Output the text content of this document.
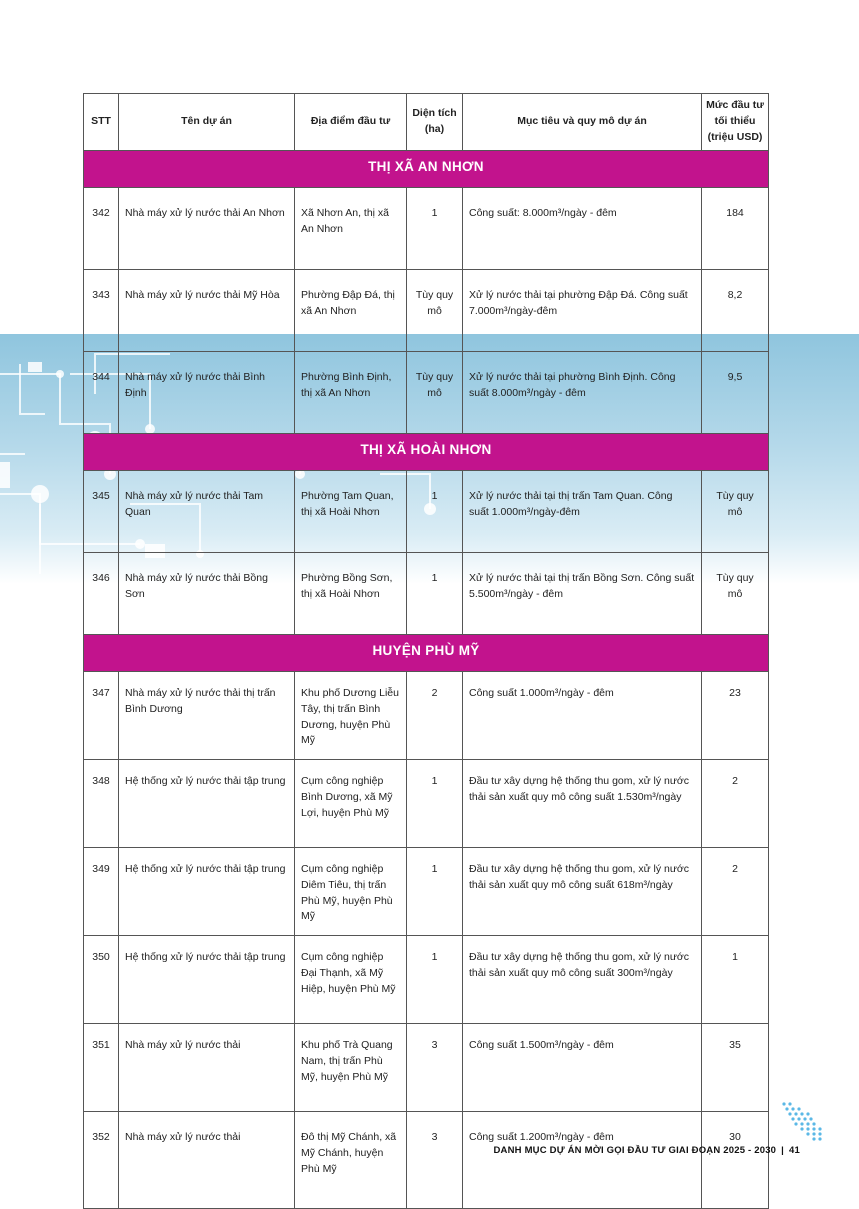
STT	Tên dự án	Địa điểm đầu tư	Diện tích (ha)	Mục tiêu và quy mô dự án	Mức đầu tư tối thiểu (triệu USD)
THỊ XÃ AN NHƠN					
342	Nhà máy xử lý nước thải An Nhơn	Xã Nhơn An, thị xã An Nhơn	1	Công suất: 8.000m³/ngày - đêm	184
343	Nhà máy xử lý nước thải Mỹ Hòa	Phường Đập Đá, thị xã An Nhơn	Tùy quy mô	Xử lý nước thải tại phường Đập Đá. Công suất 7.000m³/ngày-đêm	8,2
344	Nhà máy xử lý nước thải Bình Định	Phường Bình Định, thị xã An Nhơn	Tùy quy mô	Xử lý nước thải tại phường Bình Định. Công suất 8.000m³/ngày - đêm	9,5
THỊ XÃ HOÀI NHƠN					
345	Nhà máy xử lý nước thải Tam Quan	Phường Tam Quan, thị xã Hoài Nhơn	1	Xử lý nước thải tại thị trấn Tam Quan. Công suất 1.000m³/ngày-đêm	Tùy quy mô
346	Nhà máy xử lý nước thải Bồng Sơn	Phường Bồng Sơn, thị xã Hoài Nhơn	1	Xử lý nước thải tại thị trấn Bồng Sơn. Công suất 5.500m³/ngày - đêm	Tùy quy mô
HUYỆN PHÙ MỸ					
347	Nhà máy xử lý nước thải thị trấn Bình Dương	Khu phố Dương Liễu Tây, thị trấn Bình Dương, huyện Phù Mỹ	2	Công suất 1.000m³/ngày - đêm	23
348	Hệ thống xử lý nước thải tập trung	Cụm công nghiệp Bình Dương, xã Mỹ Lợi, huyện Phù Mỹ	1	Đầu tư xây dựng hệ thống thu gom, xử lý nước thải sản xuất quy mô công suất 1.530m³/ngày	2
349	Hệ thống xử lý nước thải tập trung	Cụm công nghiệp Diêm Tiêu, thị trấn Phù Mỹ, huyện Phù Mỹ	1	Đầu tư xây dựng hệ thống thu gom, xử lý nước thải sản xuất quy mô công suất 618m³/ngày	2
350	Hệ thống xử lý nước thải tập trung	Cụm công nghiệp Đại Thạnh, xã Mỹ Hiệp, huyện Phù Mỹ	1	Đầu tư xây dựng hệ thống thu gom, xử lý nước thải sản xuất quy mô công suất 300m³/ngày	1
351	Nhà máy xử lý nước thải	Khu phố Trà Quang Nam, thị trấn Phù Mỹ, huyện Phù Mỹ	3	Công suất 1.500m³/ngày - đêm	35
352	Nhà máy xử lý nước thải	Đô thị Mỹ Chánh, xã Mỹ Chánh, huyện Phù Mỹ	3	Công suất 1.200m³/ngày - đêm	30
DANH MỤC DỰ ÁN MỜI GỌI ĐẦU TƯ GIAI ĐOẠN 2025 - 2030 | 41
